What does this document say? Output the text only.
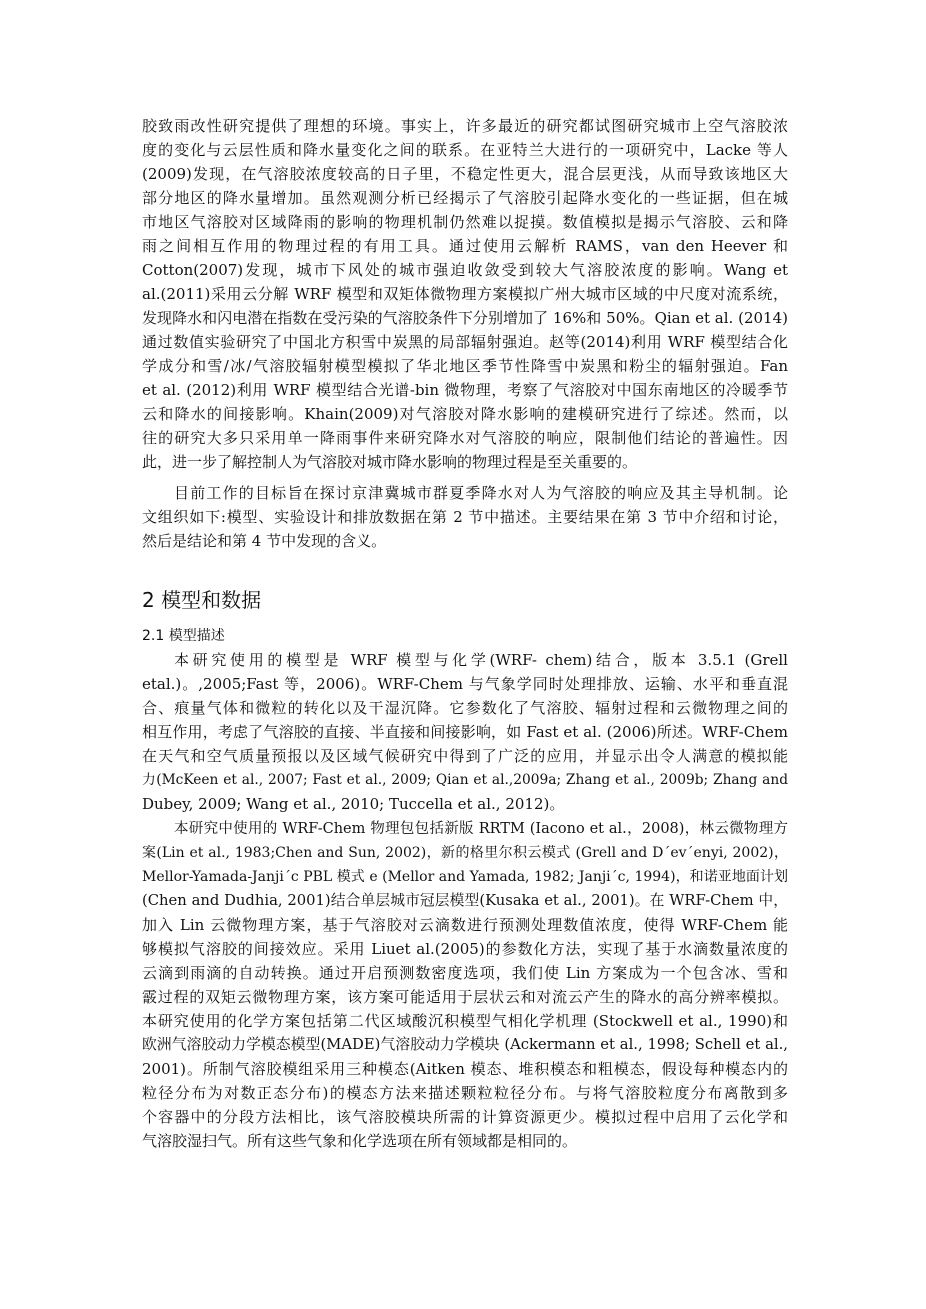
胶致雨改性研究提供了理想的环境。事实上，许多最近的研究都试图研究城市上空气溶胶浓
度的变化与云层性质和降水量变化之间的联系。在亚特兰大进行的一项研究中，Lacke 等人
(2009)发现，在气溶胶浓度较高的日子里，不稳定性更大，混合层更浅，从而导致该地区大
部分地区的降水量增加。虽然观测分析已经揭示了气溶胶引起降水变化的一些证据，但在城
市地区气溶胶对区域降雨的影响的物理机制仍然难以捉摸。数值模拟是揭示气溶胶、云和降
雨之间相互作用的物理过程的有用工具。通过使用云解析 RAMS，van den Heever 和
Cotton(2007)发现，城市下风处的城市强迫收敛受到较大气溶胶浓度的影响。Wang et
al.(2011)采用云分解 WRF 模型和双矩体微物理方案模拟广州大城市区域的中尺度对流系统，
发现降水和闪电潜在指数在受污染的气溶胶条件下分别增加了 16%和 50%。Qian et al. (2014)
通过数值实验研究了中国北方积雪中炭黑的局部辐射强迫。赵等(2014)利用 WRF 模型结合化
学成分和雪/冰/气溶胶辐射模型模拟了华北地区季节性降雪中炭黑和粉尘的辐射强迫。Fan
et al. (2012)利用 WRF 模型结合光谱-bin 微物理，考察了气溶胶对中国东南地区的冷暖季节
云和降水的间接影响。Khain(2009)对气溶胶对降水影响的建模研究进行了综述。然而，以
往的研究大多只采用单一降雨事件来研究降水对气溶胶的响应，限制他们结论的普遍性。因
此，进一步了解控制人为气溶胶对城市降水影响的物理过程是至关重要的。
目前工作的目标旨在探讨京津冀城市群夏季降水对人为气溶胶的响应及其主导机制。论
文组织如下:模型、实验设计和排放数据在第 2 节中描述。主要结果在第 3 节中介绍和讨论，
然后是结论和第 4 节中发现的含义。
2 模型和数据
2.1 模型描述
本研究使用的模型是 WRF 模型与化学(WRF- chem)结合，版本 3.5.1 (Grell
etal.)。,2005;Fast 等，2006)。WRF-Chem 与气象学同时处理排放、运输、水平和垂直混
合、痕量气体和微粒的转化以及干湿沉降。它参数化了气溶胶、辐射过程和云微物理之间的
相互作用，考虑了气溶胶的直接、半直接和间接影响，如 Fast et al. (2006)所述。WRF-Chem
在天气和空气质量预报以及区域气候研究中得到了广泛的应用，并显示出令人满意的模拟能
力(McKeen et al., 2007; Fast et al., 2009; Qian et al.,2009a; Zhang et al., 2009b; Zhang and
Dubey, 2009; Wang et al., 2010; Tuccella et al., 2012)。
本研究中使用的 WRF-Chem 物理包包括新版 RRTM (Iacono et al.，2008)，林云微物理方
案(Lin et al., 1983;Chen and Sun, 2002)，新的格里尔积云模式 (Grell and D´ev´enyi, 2002)，
Mellor-Yamada-Janji´c PBL 模式 e (Mellor and Yamada, 1982; Janji´c, 1994)，和诺亚地面计划
(Chen and Dudhia, 2001)结合单层城市冠层模型(Kusaka et al., 2001)。在 WRF-Chem 中，
加入 Lin 云微物理方案，基于气溶胶对云滴数进行预测处理数值浓度，使得 WRF-Chem 能
够模拟气溶胶的间接效应。采用 Liuet al.(2005)的参数化方法，实现了基于水滴数量浓度的
云滴到雨滴的自动转换。通过开启预测数密度选项，我们使 Lin 方案成为一个包含冰、雪和
霰过程的双矩云微物理方案，该方案可能适用于层状云和对流云产生的降水的高分辨率模拟。
本研究使用的化学方案包括第二代区域酸沉积模型气相化学机理 (Stockwell et al., 1990)和
欧洲气溶胶动力学模态模型(MADE)气溶胶动力学模块 (Ackermann et al., 1998; Schell et al.,
2001)。所制气溶胶模组采用三种模态(Aitken 模态、堆积模态和粗模态，假设每种模态内的
粒径分布为对数正态分布)的模态方法来描述颗粒粒径分布。与将气溶胶粒度分布离散到多
个容器中的分段方法相比，该气溶胶模块所需的计算资源更少。模拟过程中启用了云化学和
气溶胶湿扫气。所有这些气象和化学选项在所有领域都是相同的。
